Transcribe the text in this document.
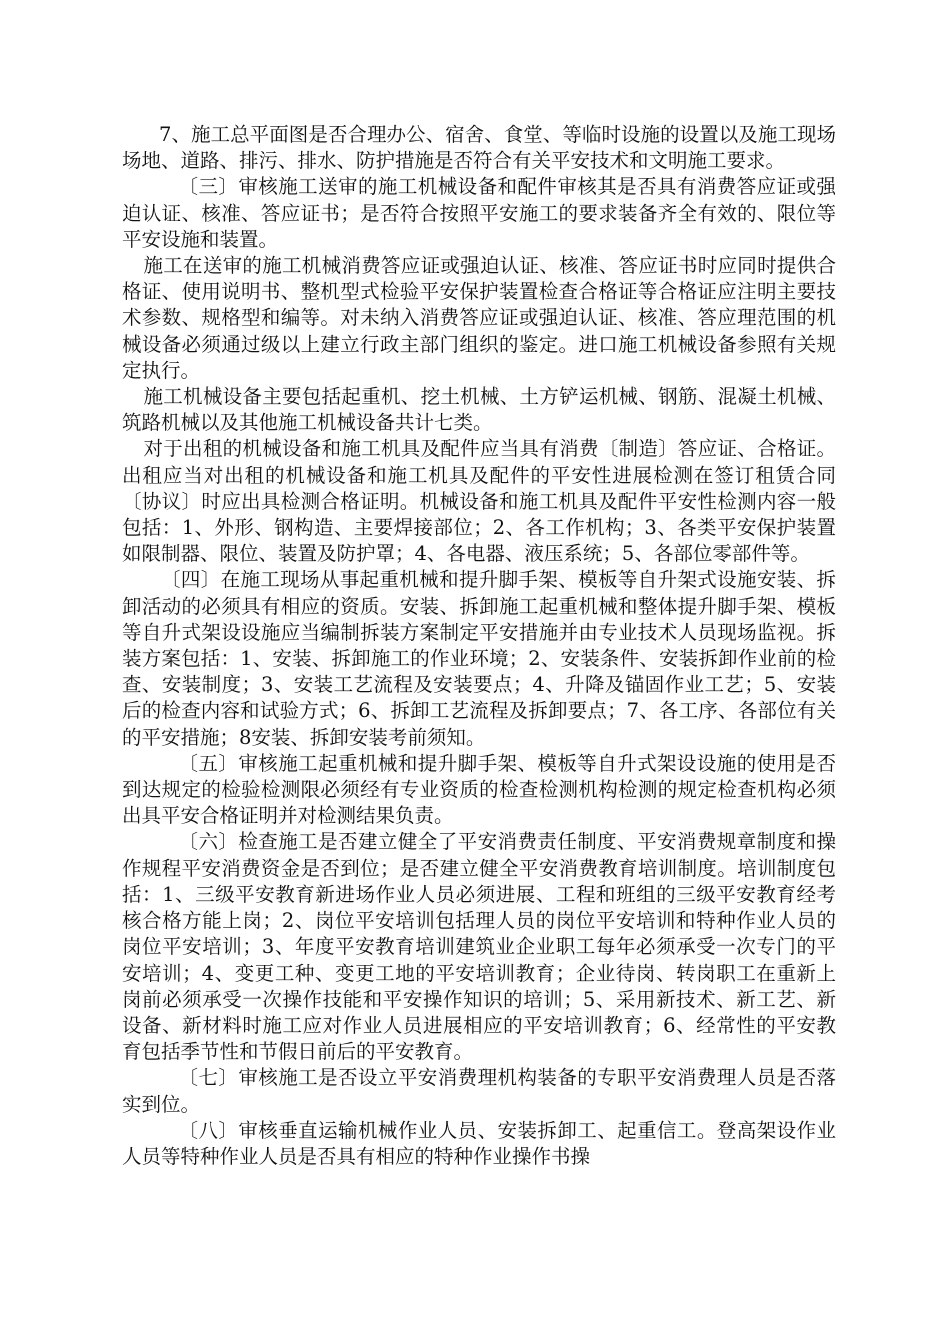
7、施工总平面图是否合理办公、宿舍、食堂、等临时设施的设置以及施工现场场地、道路、排污、排水、防护措施是否符合有关平安技术和文明施工要求。

〔三〕审核施工送审的施工机械设备和配件审核其是否具有消费答应证或强迫认证、核准、答应证书；是否符合按照平安施工的要求装备齐全有效的、限位等平安设施和装置。

施工在送审的施工机械消费答应证或强迫认证、核准、答应证书时应同时提供合格证、使用说明书、整机型式检验平安保护装置检查合格证等合格证应注明主要技术参数、规格型和编等。对未纳入消费答应证或强迫认证、核准、答应理范围的机械设备必须通过级以上建立行政主部门组织的鉴定。进口施工机械设备参照有关规定执行。

施工机械设备主要包括起重机、挖土机械、土方铲运机械、钢筋、混凝土机械、筑路机械以及其他施工机械设备共计七类。

对于出租的机械设备和施工机具及配件应当具有消费〔制造〕答应证、合格证。出租应当对出租的机械设备和施工机具及配件的平安性进展检测在签订租赁合同〔协议〕时应出具检测合格证明。机械设备和施工机具及配件平安性检测内容一般包括：1、外形、钢构造、主要焊接部位；2、各工作机构；3、各类平安保护装置如限制器、限位、装置及防护罩；4、各电器、液压系统；5、各部位零部件等。

〔四〕在施工现场从事起重机械和提升脚手架、模板等自升架式设施安装、拆卸活动的必须具有相应的资质。安装、拆卸施工起重机械和整体提升脚手架、模板等自升式架设设施应当编制拆装方案制定平安措施并由专业技术人员现场监视。拆装方案包括：1、安装、拆卸施工的作业环境；2、安装条件、安装拆卸作业前的检查、安装制度；3、安装工艺流程及安装要点；4、升降及锚固作业工艺；5、安装后的检查内容和试验方式；6、拆卸工艺流程及拆卸要点；7、各工序、各部位有关的平安措施；8安装、拆卸安装考前须知。

〔五〕审核施工起重机械和提升脚手架、模板等自升式架设设施的使用是否到达规定的检验检测限必须经有专业资质的检查检测机构检测的规定检查机构必须出具平安合格证明并对检测结果负责。

〔六〕检查施工是否建立健全了平安消费责任制度、平安消费规章制度和操作规程平安消费资金是否到位；是否建立健全平安消费教育培训制度。培训制度包括：1、三级平安教育新进场作业人员必须进展、工程和班组的三级平安教育经考核合格方能上岗；2、岗位平安培训包括理人员的岗位平安培训和特种作业人员的岗位平安培训；3、年度平安教育培训建筑业企业职工每年必须承受一次专门的平安培训；4、变更工种、变更工地的平安培训教育；企业待岗、转岗职工在重新上岗前必须承受一次操作技能和平安操作知识的培训；5、采用新技术、新工艺、新设备、新材料时施工应对作业人员进展相应的平安培训教育；6、经常性的平安教育包括季节性和节假日前后的平安教育。

〔七〕审核施工是否设立平安消费理机构装备的专职平安消费理人员是否落实到位。

〔八〕审核垂直运输机械作业人员、安装拆卸工、起重信工。登高架设作业人员等特种作业人员是否具有相应的特种作业操作书操
